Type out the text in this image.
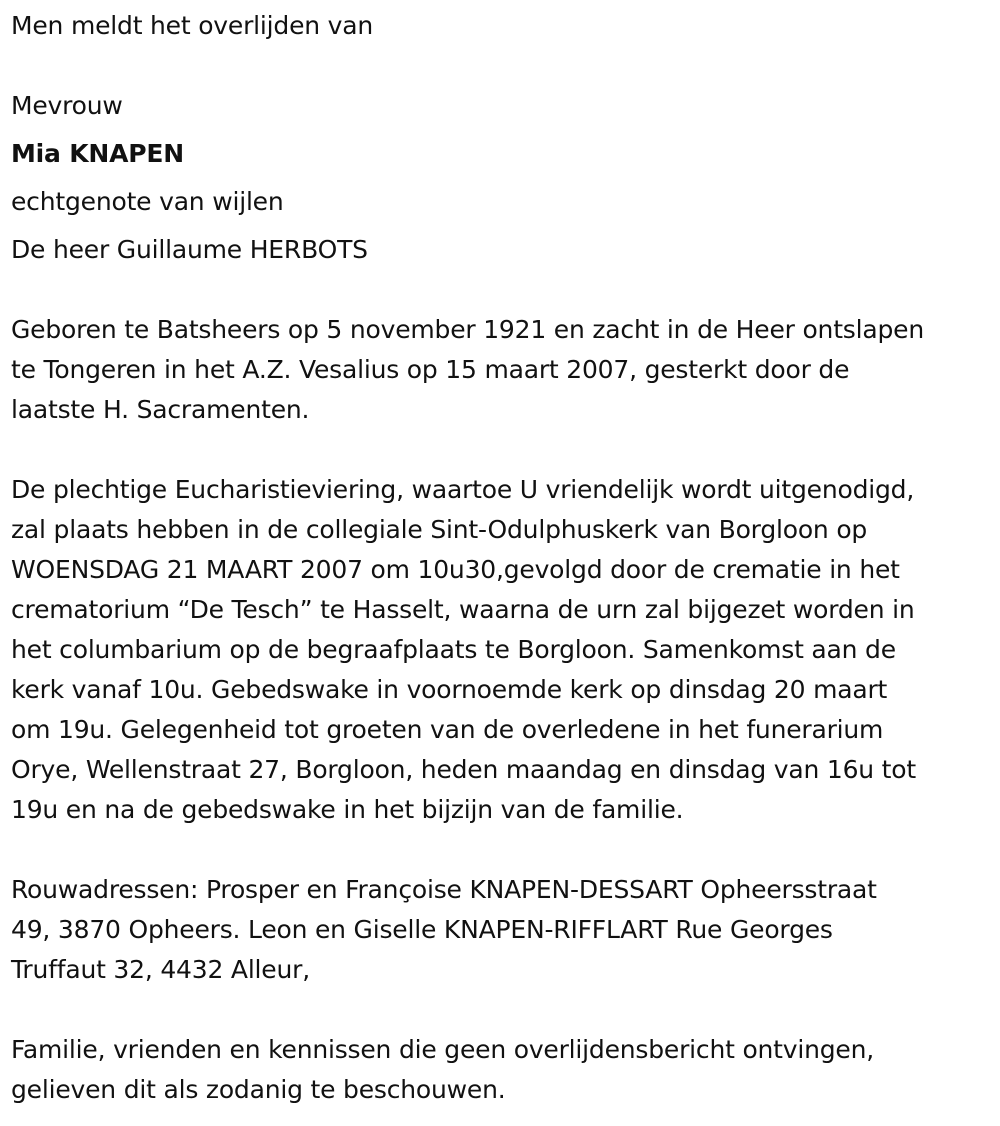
Men meldt het overlijden van
Mevrouw
Mia KNAPEN
echtgenote van wijlen
De heer Guillaume HERBOTS
Geboren te Batsheers op 5 november 1921 en zacht in de Heer ontslapen
te Tongeren in het A.Z. Vesalius op 15 maart 2007, gesterkt door de
laatste H. Sacramenten.
De plechtige Eucharistieviering, waartoe U vriendelijk wordt uitgenodigd,
zal plaats hebben in de collegiale Sint-Odulphuskerk van Borgloon op
WOENSDAG 21 MAART 2007 om 10u30,gevolgd door de crematie in het
crematorium “De Tesch” te Hasselt, waarna de urn zal bijgezet worden in
het columbarium op de begraafplaats te Borgloon. Samenkomst aan de
kerk vanaf 10u. Gebedswake in voornoemde kerk op dinsdag 20 maart
om 19u. Gelegenheid tot groeten van de overledene in het funerarium
Orye, Wellenstraat 27, Borgloon, heden maandag en dinsdag van 16u tot
19u en na de gebedswake in het bijzijn van de familie.
Rouwadressen: Prosper en Françoise KNAPEN-DESSART Opheersstraat
49, 3870 Opheers. Leon en Giselle KNAPEN-RIFFLART Rue Georges
Truffaut 32, 4432 Alleur,
Familie, vrienden en kennissen die geen overlijdensbericht ontvingen,
gelieven dit als zodanig te beschouwen.
